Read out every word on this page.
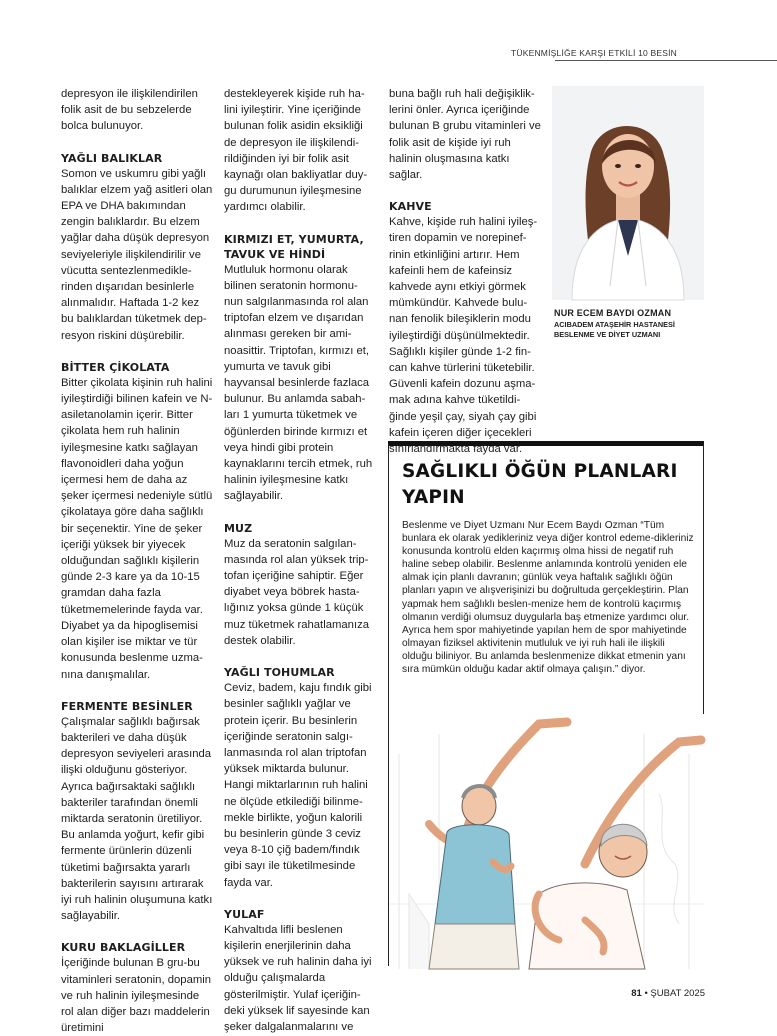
TÜKENMİŞLİĞE KARŞI ETKİLİ 10 BESİN

depresyon ile ilişkilendirilen folik asit de bu sebzelerde bolca bulunuyor.

YAĞLI BALIKLAR

Somon ve uskumru gibi yağlı balıklar elzem yağ asitleri olan EPA ve DHA bakımından zengin balıklardır. Bu elzem yağlar daha düşük depresyon seviyeleriyle ilişkilendirilir ve vücutta sentezlenmedikle-rinden dışarıdan besinlerle alınmalıdır. Haftada 1-2 kez bu balıklardan tüketmek dep-resyon riskini düşürebilir.

BİTTER ÇİKOLATA

Bitter çikolata kişinin ruh halini iyileştirdiği bilinen kafein ve N-asiletanolamin içerir. Bitter çikolata hem ruh halinin iyileşmesine katkı sağlayan flavonoidleri daha yoğun içermesi hem de daha az şeker içermesi nedeniyle sütlü çikolataya göre daha sağlıklı bir seçenektir. Yine de şeker içeriği yüksek bir yiyecek olduğundan sağlıklı kişilerin günde 2-3 kare ya da 10-15 gramdan daha fazla tüketmemelerinde fayda var. Diyabet ya da hipoglisemisi olan kişiler ise miktar ve tür konusunda beslenme uzma-nına danışmalılar.

FERMENTE BESİNLER

Çalışmalar sağlıklı bağırsak bakterileri ve daha düşük depresyon seviyeleri arasında ilişki olduğunu gösteriyor. Ayrıca bağırsaktaki sağlıklı bakteriler tarafından önemli miktarda seratonin üretiliyor. Bu anlamda yoğurt, kefir gibi fermente ürünlerin düzenli tüketimi bağırsakta yararlı bakterilerin sayısını artırarak iyi ruh halinin oluşumuna katkı sağlayabilir.

KURU BAKLAGİLLER

İçeriğinde bulunan B gru-bu vitaminleri seratonin, dopamin ve ruh halinin iyileşmesinde rol alan diğer bazı maddelerin üretimini

destekleyerek kişide ruh ha-lini iyileştirir. Yine içeriğinde bulunan folik asidin eksikliği de depresyon ile ilişkilendi-rildiğinden iyi bir folik asit kaynağı olan bakliyatlar duy-gu durumunun iyileşmesine yardımcı olabilir.

KIRMIZI ET, YUMURTA, TAVUK VE HİNDİ

Mutluluk hormonu olarak bilinen seratonin hormonu-nun salgılanmasında rol alan triptofan elzem ve dışarıdan alınması gereken bir ami-noasittir. Triptofan, kırmızı et, yumurta ve tavuk gibi hayvansal besinlerde fazlaca bulunur. Bu anlamda sabah-ları 1 yumurta tüketmek ve öğünlerden birinde kırmızı et veya hindi gibi protein kaynaklarını tercih etmek, ruh halinin iyileşmesine katkı sağlayabilir.

MUZ

Muz da seratonin salgılan-masında rol alan yüksek trip-tofan içeriğine sahiptir. Eğer diyabet veya böbrek hasta-lığınız yoksa günde 1 küçük muz tüketmek rahatlamanıza destek olabilir.

YAĞLI TOHUMLAR

Ceviz, badem, kaju fındık gibi besinler sağlıklı yağlar ve protein içerir. Bu besinlerin içeriğinde seratonin salgı-lanmasında rol alan triptofan yüksek miktarda bulunur. Hangi miktarlarının ruh halini ne ölçüde etkilediği bilinme-mekle birlikte, yoğun kalorili bu besinlerin günde 3 ceviz veya 8-10 çiğ badem/fındık gibi sayı ile tüketilmesinde fayda var.

YULAF

Kahvaltıda lifli beslenen kişilerin enerjilerinin daha yüksek ve ruh halinin daha iyi olduğu çalışmalarda gösterilmiştir. Yulaf içeriğin-deki yüksek lif sayesinde kan şeker dalgalanmalarını ve

buna bağlı ruh hali değişiklik-lerini önler. Ayrıca içeriğinde bulunan B grubu vitaminleri ve folik asit de kişide iyi ruh halinin oluşmasına katkı sağlar.

KAHVE

Kahve, kişide ruh halini iyileş-tiren dopamin ve norepinef-rinin etkinliğini artırır. Hem kafeinli hem de kafeinsiz kahvede aynı etkiyi görmek mümkündür. Kahvede bulu-nan fenolik bileşiklerin modu iyileştirdiği düşünülmektedir. Sağlıklı kişiler günde 1-2 fin-can kahve türlerini tüketebilir. Güvenli kafein dozunu aşma-mak adına kahve tüketildi-ğinde yeşil çay, siyah çay gibi kafein içeren diğer içecekleri sınırlandırmakta fayda var.

NUR ECEM BAYDI OZMAN
ACIBADEM ATAŞEHİR HASTANESİ BESLENME VE DİYET UZMANI
SAĞLIKLI ÖĞÜN PLANLARI YAPIN
Beslenme ve Diyet Uzmanı Nur Ecem Baydı Ozman “Tüm bunlara ek olarak yedikleriniz veya diğer kontrol edeme-dikleriniz konusunda kontrolü elden kaçırmış olma hissi de negatif ruh haline sebep olabilir. Beslenme anlamında kontrolü yeniden ele almak için planlı davranın; günlük veya haftalık sağlıklı öğün planları yapın ve alışverişinizi bu doğrultuda gerçekleştirin. Plan yapmak hem sağlıklı beslen-menize hem de kontrolü kaçırmış olmanın verdiği olumsuz duygularla baş etmenize yardımcı olur. Ayrıca hem spor mahiyetinde yapılan hem de spor mahiyetinde olmayan fiziksel aktivitenin mutluluk ve iyi ruh hali ile ilişkili olduğu biliniyor. Bu anlamda beslenmenize dikkat etmenin yanı sıra mümkün olduğu kadar aktif olmaya çalışın.” diyor.
81 • ŞUBAT 2025
